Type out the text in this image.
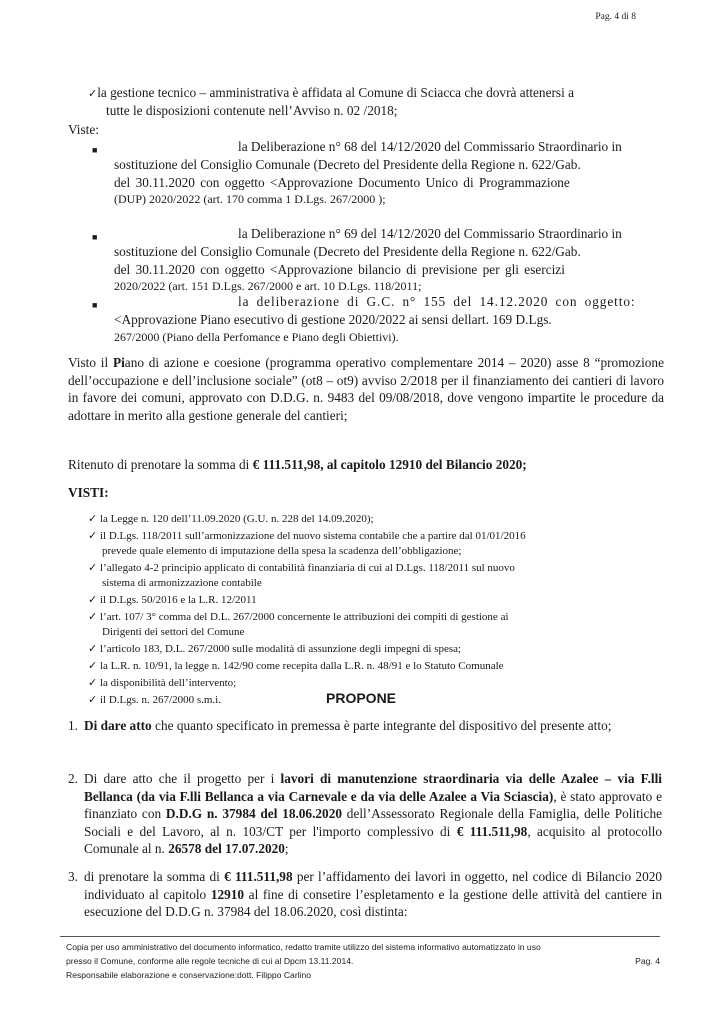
Pag. 4 di 8
✓la gestione tecnico – amministrativa è affidata al Comune di Sciacca che dovrà attenersi a
tutte le disposizioni contenute nell’Avviso n. 02 /2018;
Viste:
■	la Deliberazione n° 68 del 14/12/2020 del Commissario Straordinario in
sostituzione del Consiglio Comunale (Decreto del Presidente della Regione n. 622/Gab.
del 30.11.2020 con oggetto <Approvazione Documento Unico di Programmazione
(DUP) 2020/2022 (art. 170 comma 1 D.Lgs. 267/2000 );
■	la Deliberazione n° 69 del 14/12/2020 del Commissario Straordinario in
sostituzione del Consiglio Comunale (Decreto del Presidente della Regione n. 622/Gab.
del 30.11.2020 con oggetto <Approvazione bilancio di previsione per gli esercizi
2020/2022 (art. 151 D.Lgs. 267/2000 e art. 10 D.Lgs. 118/2011;
■	la deliberazione di G.C. n° 155 del 14.12.2020 con oggetto:
<Approvazione Piano esecutivo di gestione 2020/2022 ai sensi dellart. 169 D.Lgs.
267/2000 (Piano della Perfomance e Piano degli Obiettivi).
Visto il Piano di azione e coesione (programma operativo complementare 2014 – 2020) asse 8 “promozione dell’occupazione e dell’inclusione sociale” (ot8 – ot9) avviso 2/2018 per il finanziamento dei cantieri di lavoro in favore dei comuni, approvato con D.D.G. n. 9483 del 09/08/2018, dove vengono impartite le procedure da adottare in merito alla gestione generale del cantieri;
Ritenuto di prenotare la somma di € 111.511,98, al capitolo 12910 del Bilancio 2020;
VISTI:
✓ la Legge n. 120 dell’11.09.2020 (G.U. n. 228 del 14.09.2020);
✓ il D.Lgs. 118/2011 sull’armonizzazione del nuovo sistema contabile che a partire dal 01/01/2016
prevede quale elemento di imputazione della spesa la scadenza dell’obbligazione;
✓ l’allegato 4-2 principio applicato di contabilità finanziaria di cui al D.Lgs. 118/2011 sul nuovo
sistema di armonizzazione contabile
✓ il D.Lgs. 50/2016 e la L.R. 12/2011
✓ l’art. 107/ 3° comma del D.L. 267/2000 concernente le attribuzioni dei compiti di gestione ai
Dirigenti dei settori del Comune
✓ l’articolo 183, D.L. 267/2000 sulle modalità di assunzione degli impegni di spesa;
✓ la L.R. n. 10/91, la legge n. 142/90 come recepita dalla L.R. n. 48/91 e lo Statuto Comunale
✓ la disponibilità dell’intervento;
✓ il D.Lgs. n. 267/2000 s.m.i.	PROPONE
1. Di dare atto che quanto specificato in premessa è parte integrante del dispositivo del presente atto;
2. Di dare atto che il progetto per i lavori di manutenzione straordinaria via delle Azalee – via F.lli Bellanca (da via F.lli Bellanca a via Carnevale e da via delle Azalee a Via Sciascia), è stato approvato e finanziato con D.D.G n. 37984 del 18.06.2020 dell’Assessorato Regionale della Famiglia, delle Politiche Sociali e del Lavoro, al n. 103/CT per l'importo complessivo di € 111.511,98, acquisito al protocollo Comunale al n. 26578 del 17.07.2020;
3. di prenotare la somma di € 111.511,98 per l’affidamento dei lavori in oggetto, nel codice di Bilancio 2020 individuato al capitolo 12910 al fine di consetire l’espletamento e la gestione delle attività del cantiere in esecuzione del D.D.G n. 37984 del 18.06.2020, così distinta:
Copia per uso amministrativo del documento informatico, redatto tramite utilizzo del sistema informativo automatizzato in uso
presso il Comune, conforme alle regole tecniche di cui al Dpcm 13.11.2014.	Pag. 4
Responsabile elaborazione e conservazione:dott. Filippo Carlino
